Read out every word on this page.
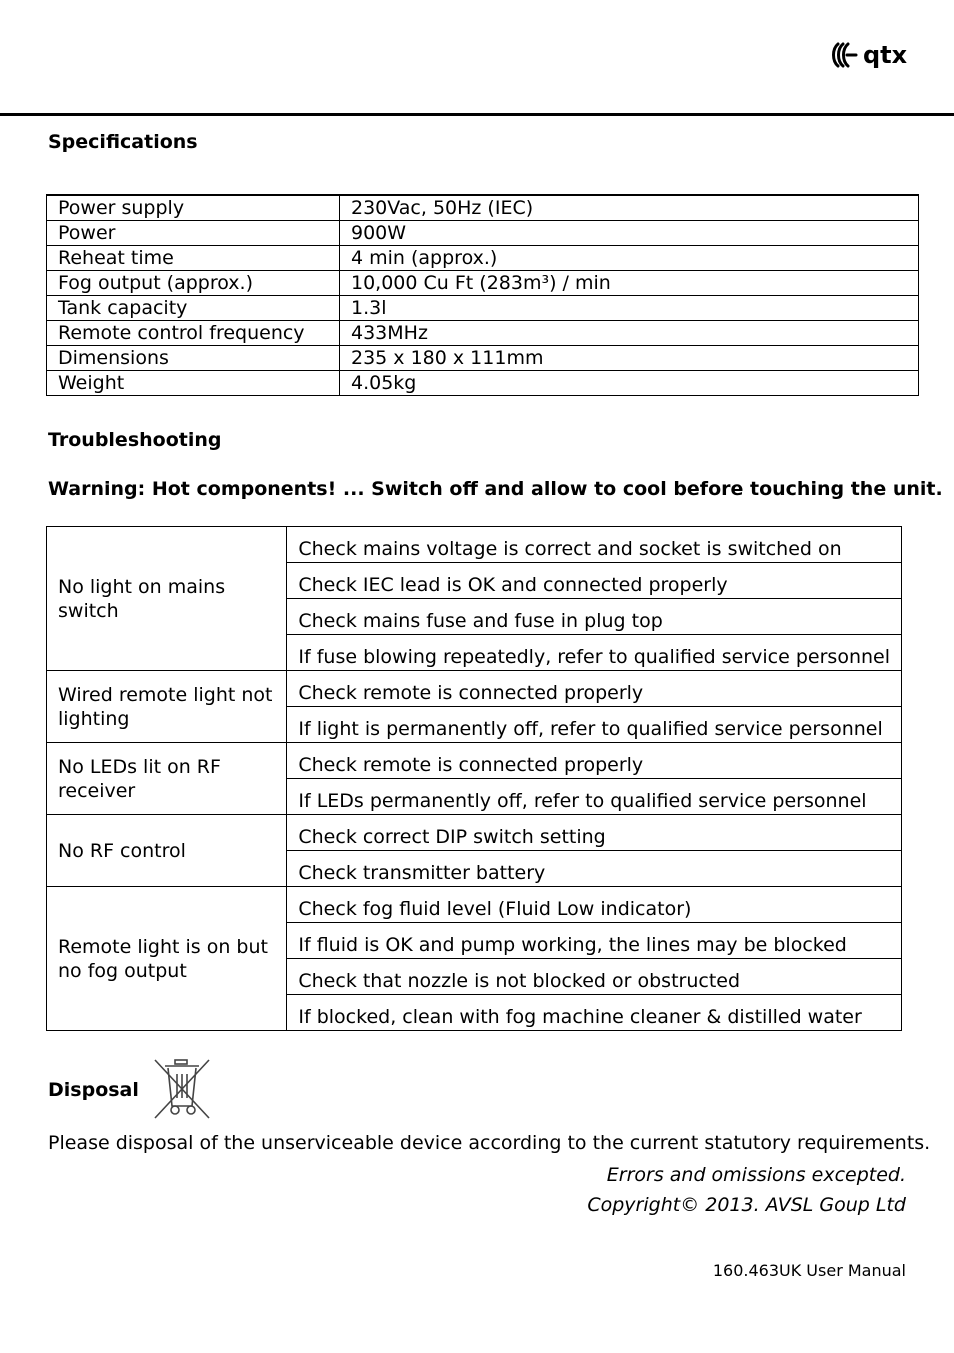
qtx
Specifications
Power supply	230Vac, 50Hz (IEC)
Power	900W
Reheat time	4 min (approx.)
Fog output (approx.)	10,000 Cu Ft (283m³) / min
Tank capacity	1.3l
Remote control frequency	433MHz
Dimensions	235 x 180 x 111mm
Weight	4.05kg
Troubleshooting
Warning: Hot components! ... Switch off and allow to cool before touching the unit.
No light on mains switch	Check mains voltage is correct and socket is switched on
	Check IEC lead is OK and connected properly
	Check mains fuse and fuse in plug top
	If fuse blowing repeatedly, refer to qualified service personnel
Wired remote light not lighting	Check remote is connected properly
	If light is permanently off, refer to qualified service personnel
No LEDs lit on RF receiver	Check remote is connected properly
	If LEDs permanently off, refer to qualified service personnel
No RF control	Check correct DIP switch setting
	Check transmitter battery
Remote light is on but no fog output	Check fog fluid level (Fluid Low indicator)
	If fluid is OK and pump working, the lines may be blocked
	Check that nozzle is not blocked or obstructed
	If blocked, clean with fog machine cleaner & distilled water
Disposal
Please disposal of the unserviceable device according to the current statutory requirements.
Errors and omissions excepted.
Copyright© 2013. AVSL Goup Ltd
160.463UK User Manual
